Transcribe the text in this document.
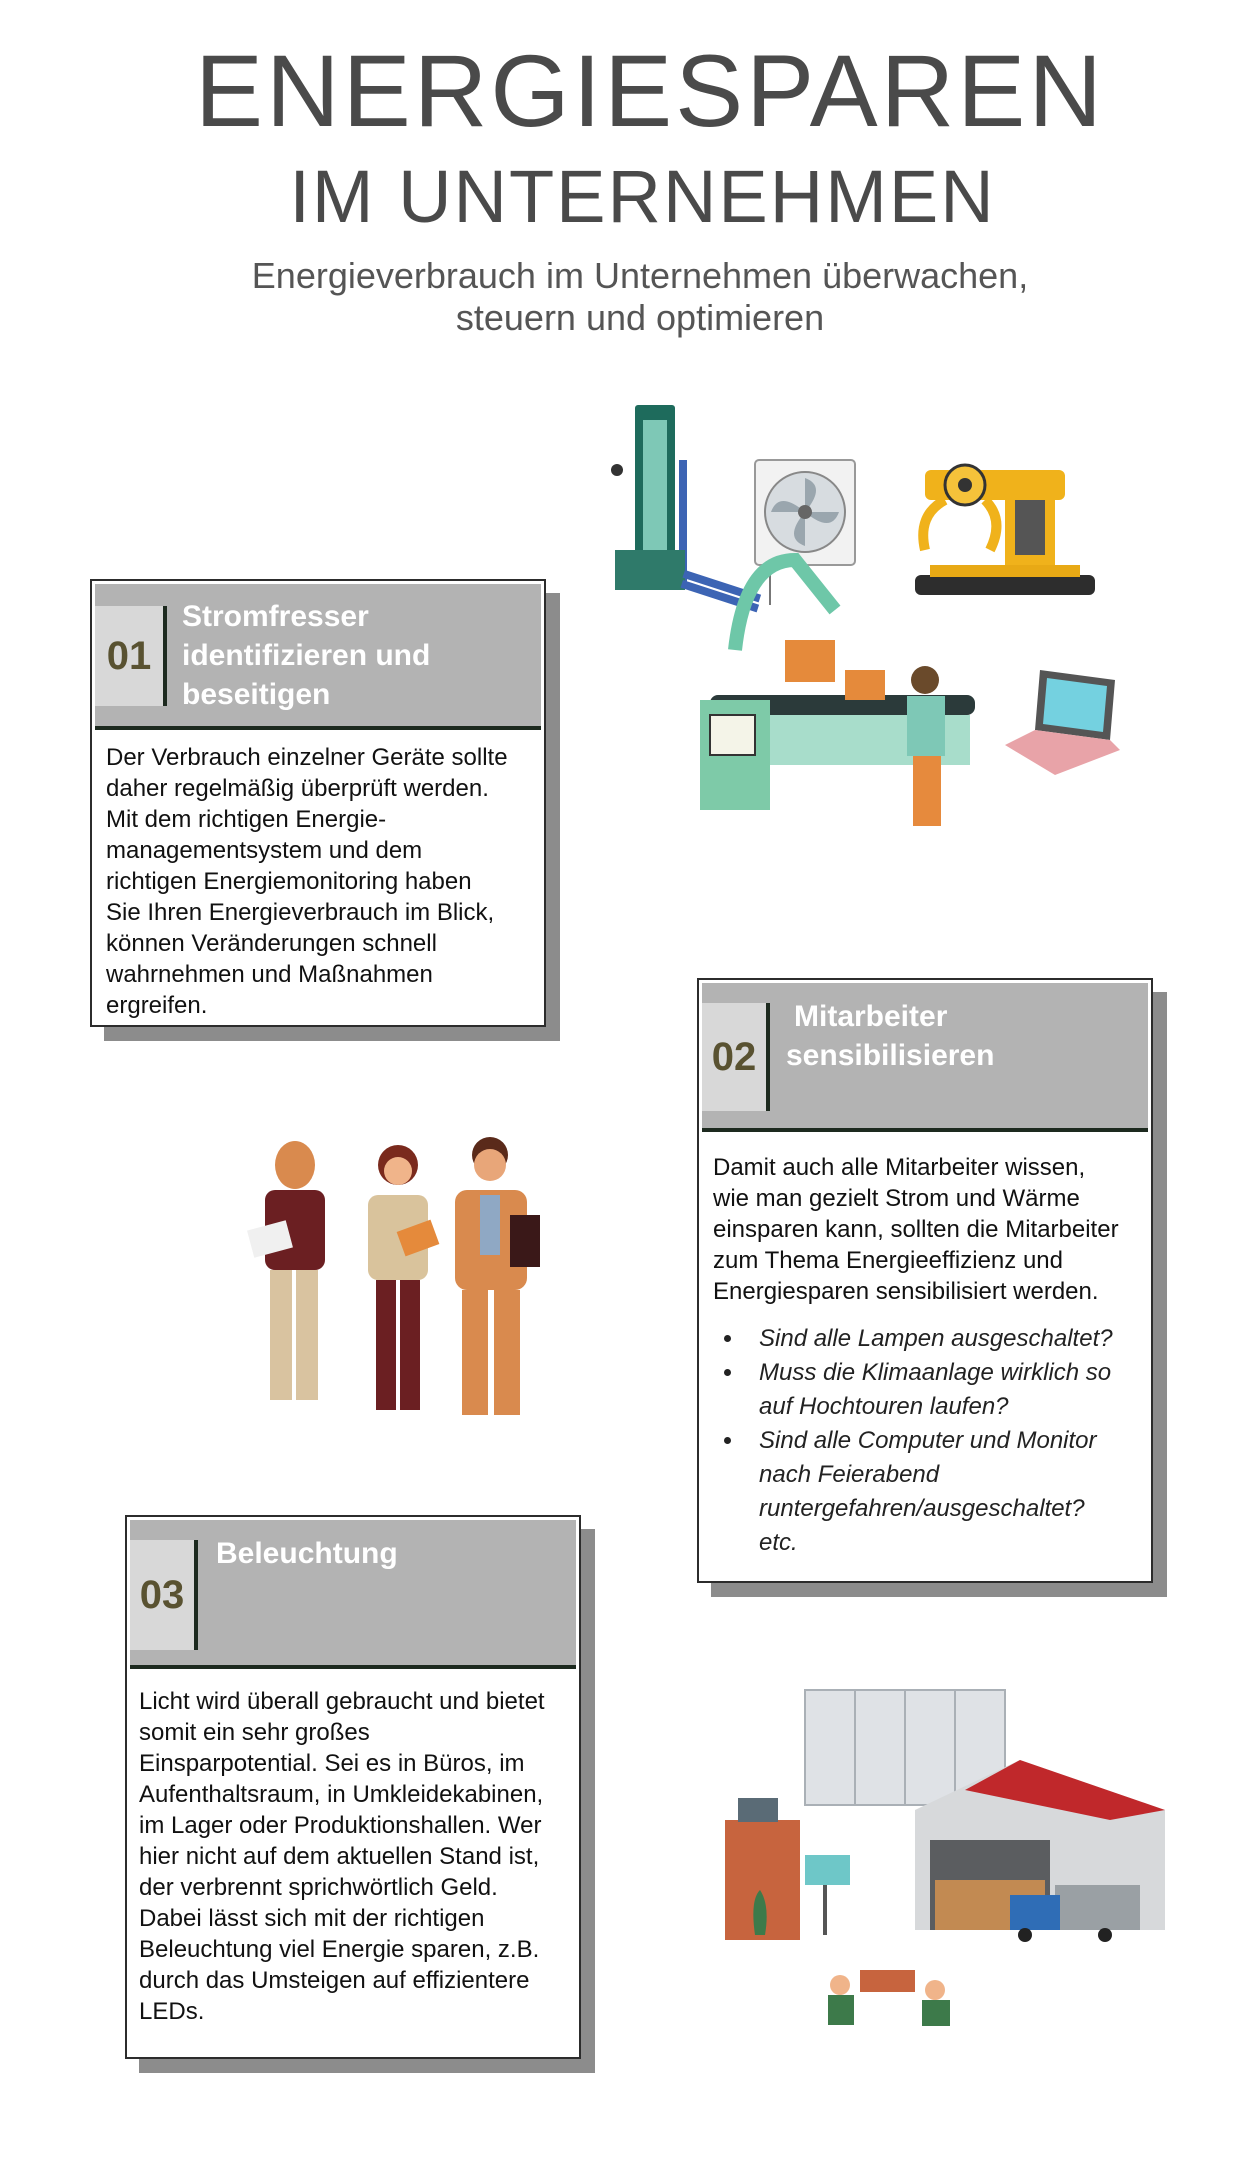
ENERGIESPAREN
IM UNTERNEHMEN
Energieverbrauch im Unternehmen überwachen,
steuern und optimieren
01
Stromfresser
identifizieren und
beseitigen
Der Verbrauch einzelner Geräte sollte
daher regelmäßig überprüft werden.
Mit dem richtigen Energie-
managementsystem und dem
richtigen Energiemonitoring haben
Sie Ihren Energieverbrauch im Blick,
können Veränderungen schnell
wahrnehmen und Maßnahmen
ergreifen.
02
Mitarbeiter
sensibilisieren
Damit auch alle Mitarbeiter wissen,
wie man gezielt Strom und Wärme
einsparen kann, sollten die Mitarbeiter
zum Thema Energieeffizienz und
Energiesparen sensibilisiert werden.
• Sind alle Lampen ausgeschaltet?
• Muss die Klimaanlage wirklich so
auf Hochtouren laufen?
• Sind alle Computer und Monitor
nach Feierabend
runtergefahren/ausgeschaltet?
etc.
03
Beleuchtung
Licht wird überall gebraucht und bietet
somit ein sehr großes
Einsparpotential. Sei es in Büros, im
Aufenthaltsraum, in Umkleidekabinen,
im Lager oder Produktionshallen. Wer
hier nicht auf dem aktuellen Stand ist,
der verbrennt sprichwörtlich Geld.
Dabei lässt sich mit der richtigen
Beleuchtung viel Energie sparen, z.B.
durch das Umsteigen auf effizientere
LEDs.
